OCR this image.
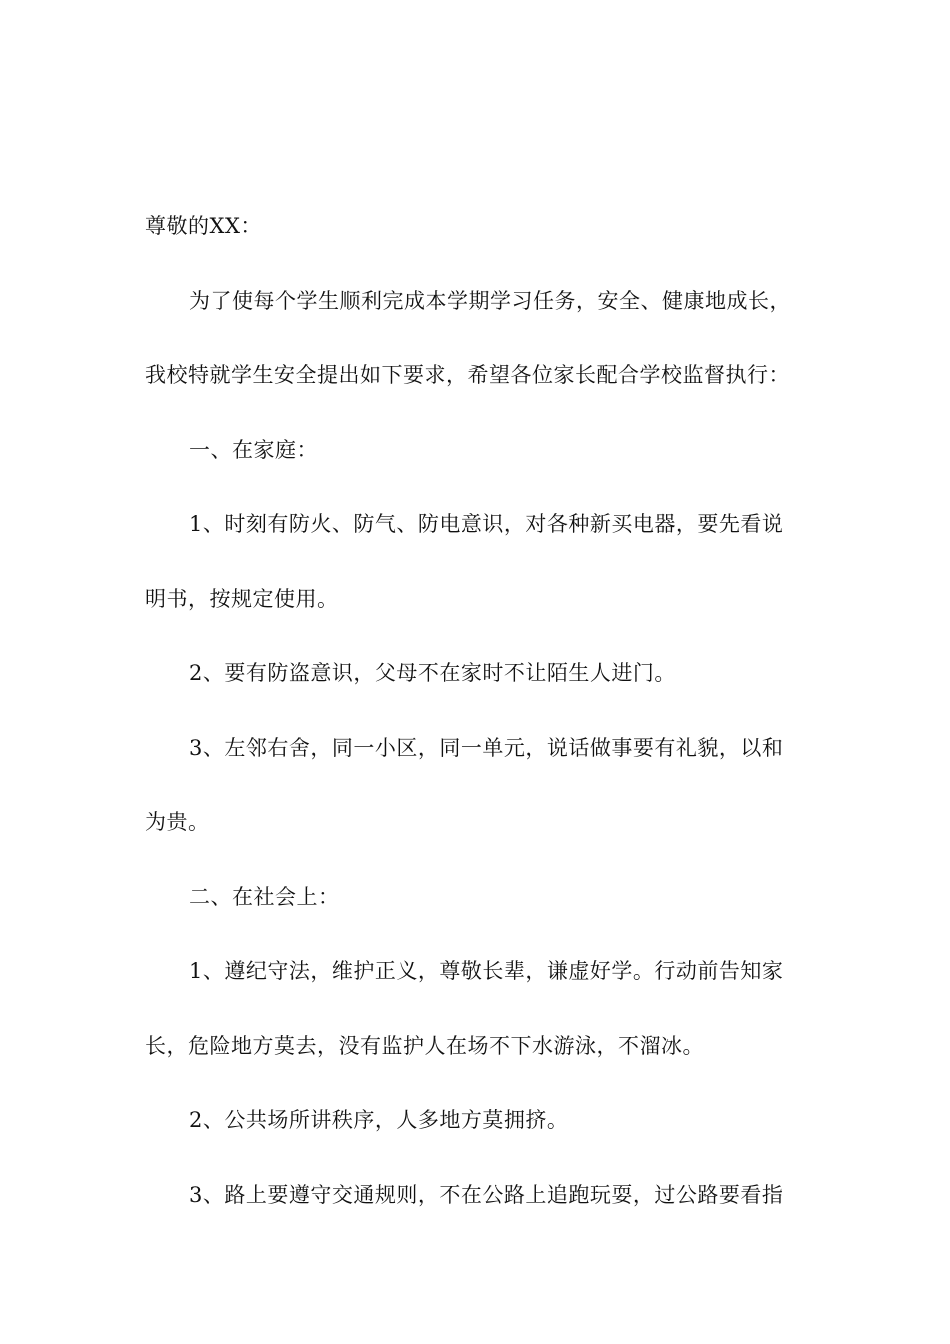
尊敬的XX：
为了使每个学生顺利完成本学期学习任务，安全、健康地成长，
我校特就学生安全提出如下要求，希望各位家长配合学校监督执行：
一、在家庭：
1、时刻有防火、防气、防电意识，对各种新买电器，要先看说
明书，按规定使用。
2、要有防盗意识，父母不在家时不让陌生人进门。
3、左邻右舍，同一小区，同一单元，说话做事要有礼貌，以和
为贵。
二、在社会上：
1、遵纪守法，维护正义，尊敬长辈，谦虚好学。行动前告知家
长，危险地方莫去，没有监护人在场不下水游泳，不溜冰。
2、公共场所讲秩序，人多地方莫拥挤。
3、路上要遵守交通规则，不在公路上追跑玩耍，过公路要看指
